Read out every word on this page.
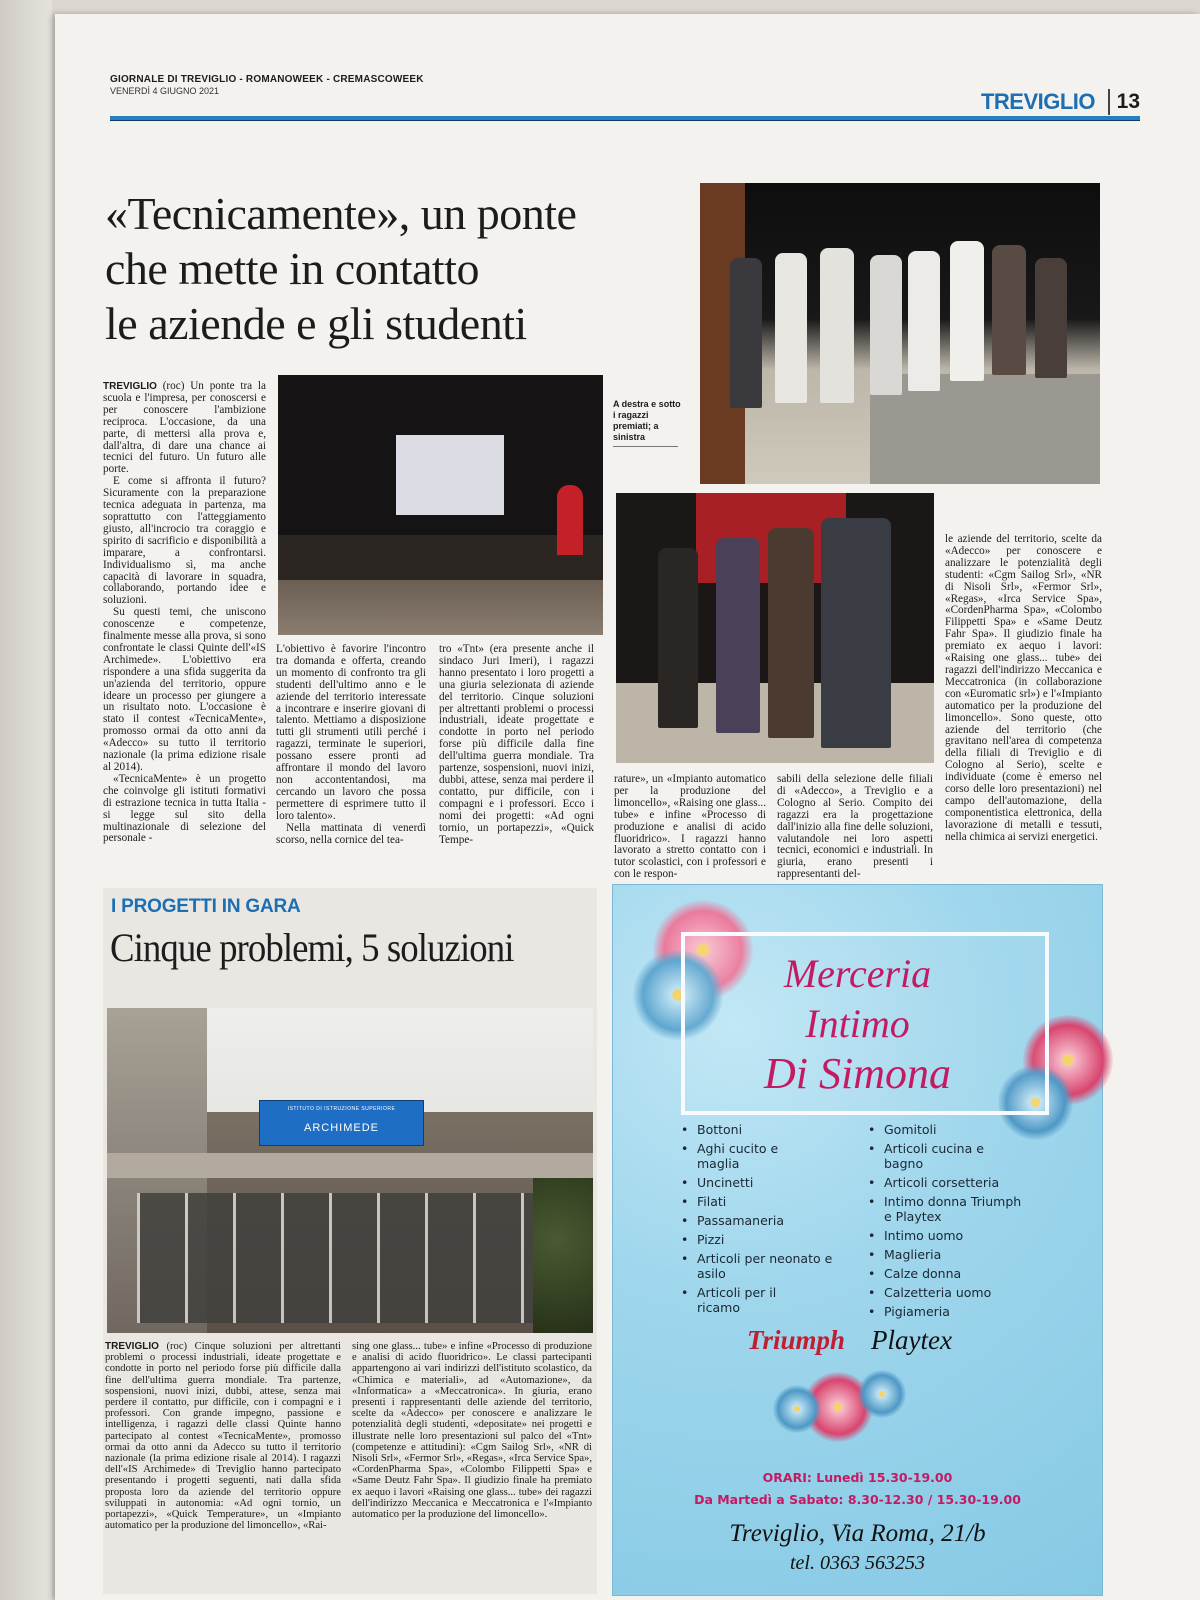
GIORNALE DI TREVIGLIO - ROMANOWEEK - CREMASCOWEEK
VENERDÌ 4 GIUGNO 2021	TREVIGLIO 13
«Tecnicamente», un ponte
che mette in contatto
le aziende e gli studenti
A destra e sotto i ragazzi premiati; a sinistra

TREVIGLIO (roc) Un ponte tra la scuola e l'impresa, per conoscersi e per conoscere l'ambizione reciproca. L'occasione, da una parte, di mettersi alla prova e, dall'altra, di dare una chance ai tecnici del futuro. Un futuro alle porte.

E come si affronta il futuro? Sicuramente con la preparazione tecnica adeguata in partenza, ma soprattutto con l'atteggiamento giusto, all'incrocio tra coraggio e spirito di sacrificio e disponibilità a imparare, a confrontarsi. Individualismo sì, ma anche capacità di lavorare in squadra, collaborando, portando idee e soluzioni.

Su questi temi, che uniscono conoscenze e competenze, finalmente messe alla prova, si sono confrontate le classi Quinte dell'«IS Archimede». L'obiettivo era rispondere a una sfida suggerita da un'azienda del territorio, oppure ideare un processo per giungere a un risultato noto. L'occasione è stato il contest «TecnicaMente», promosso ormai da otto anni da «Adecco» su tutto il territorio nazionale (la prima edizione risale al 2014).

«TecnicaMente» è un progetto che coinvolge gli istituti formativi di estrazione tecnica in tutta Italia - si legge sul sito della multinazionale di selezione del personale -

L'obiettivo è favorire l'incontro tra domanda e offerta, creando un momento di confronto tra gli studenti dell'ultimo anno e le aziende del territorio interessate a incontrare e inserire giovani di talento. Mettiamo a disposizione tutti gli strumenti utili perché i ragazzi, terminate le superiori, possano essere pronti ad affrontare il mondo del lavoro non accontentandosi, ma cercando un lavoro che possa permettere di esprimere tutto il loro talento».

Nella mattinata di venerdì scorso, nella cornice del tea-

tro «Tnt» (era presente anche il sindaco Juri Imeri), i ragazzi hanno presentato i loro progetti a una giuria selezionata di aziende del territorio. Cinque soluzioni per altrettanti problemi o processi industriali, ideate progettate e condotte in porto nel periodo forse più difficile dalla fine dell'ultima guerra mondiale. Tra partenze, sospensioni, nuovi inizi, dubbi, attese, senza mai perdere il contatto, pur difficile, con i compagni e i professori. Ecco i nomi dei progetti: «Ad ogni tornio, un portapezzi», «Quick Tempe-

rature», un «Impianto automatico per la produzione del limoncello», «Raising one glass... tube» e infine «Processo di produzione e analisi di acido fluoridrico». I ragazzi hanno lavorato a stretto contatto con i tutor scolastici, con i professori e con le respon-

sabili della selezione delle filiali di «Adecco», a Treviglio e a Cologno al Serio. Compito dei ragazzi era la progettazione dall'inizio alla fine delle soluzioni, valutandole nei loro aspetti tecnici, economici e industriali. In giuria, erano presenti i rappresentanti del-

le aziende del territorio, scelte da «Adecco» per conoscere e analizzare le potenzialità degli studenti: «Cgm Sailog Srl», «NR di Nisoli Srl», «Fermor Srl», «Regas», «Irca Service Spa», «CordenPharma Spa», «Colombo Filippetti Spa» e «Same Deutz Fahr Spa». Il giudizio finale ha premiato ex aequo i lavori: «Raising one glass... tube» dei ragazzi dell'indirizzo Meccanica e Meccatronica (in collaborazione con «Euromatic srl») e l'«Impianto automatico per la produzione del limoncello». Sono queste, otto aziende del territorio (che gravitano nell'area di competenza della filiali di Treviglio e di Cologno al Serio), scelte e individuate (come è emerso nel corso delle loro presentazioni) nel campo dell'automazione, della componentistica elettronica, della lavorazione di metalli e tessuti, nella chimica ai servizi energetici.

I PROGETTI IN GARA
Cinque problemi, 5 soluzioni
ISTITUTO DI ISTRUZIONE SUPERIORE
ARCHIMEDE

TREVIGLIO (roc) Cinque soluzioni per altrettanti problemi o processi industriali, ideate progettate e condotte in porto nel periodo forse più difficile dalla fine dell'ultima guerra mondiale. Tra partenze, sospensioni, nuovi inizi, dubbi, attese, senza mai perdere il contatto, pur difficile, con i compagni e i professori. Con grande impegno, passione e intelligenza, i ragazzi delle classi Quinte hanno partecipato al contest «TecnicaMente», promosso ormai da otto anni da Adecco su tutto il territorio nazionale (la prima edizione risale al 2014). I ragazzi dell'«IS Archimede» di Treviglio hanno partecipato presentando i progetti seguenti, nati dalla sfida proposta loro da aziende del territorio oppure sviluppati in autonomia: «Ad ogni tornio, un portapezzi», «Quick Temperature», un «Impianto automatico per la produzione del limoncello», «Rai-

sing one glass... tube» e infine «Processo di produzione e analisi di acido fluoridrico». Le classi partecipanti appartengono ai vari indirizzi dell'istituto scolastico, da «Chimica e materiali», ad «Automazione», da «Informatica» a «Meccatronica». In giuria, erano presenti i rappresentanti delle aziende del territorio, scelte da «Adecco» per conoscere e analizzare le potenzialità degli studenti, «depositate» nei progetti e illustrate nelle loro presentazioni sul palco del «Tnt» (competenze e attitudini): «Cgm Sailog Srl», «NR di Nisoli Srl», «Fermor Srl», «Regas», «Irca Service Spa», «CordenPharma Spa», «Colombo Filippetti Spa» e «Same Deutz Fahr Spa». Il giudizio finale ha premiato ex aequo i lavori «Raising one glass... tube» dei ragazzi dell'indirizzo Meccanica e Meccatronica e l'«Impianto automatico per la produzione del limoncello».

Merceria
Intimo
Di Simona
• Bottoni
• Aghi cucito e maglia
• Uncinetti
• Filati
• Passamaneria
• Pizzi
• Articoli per neonato e asilo
• Articoli per il ricamo
• Gomitoli
• Articoli cucina e bagno
• Articoli corsetteria
• Intimo donna Triumph e Playtex
• Intimo uomo
• Maglieria
• Calze donna
• Calzetteria uomo
• Pigiameria
Triumph Playtex
ORARI: Lunedì 15.30-19.00
Da Martedì a Sabato: 8.30-12.30 / 15.30-19.00
Treviglio, Via Roma, 21/b
tel. 0363 563253
